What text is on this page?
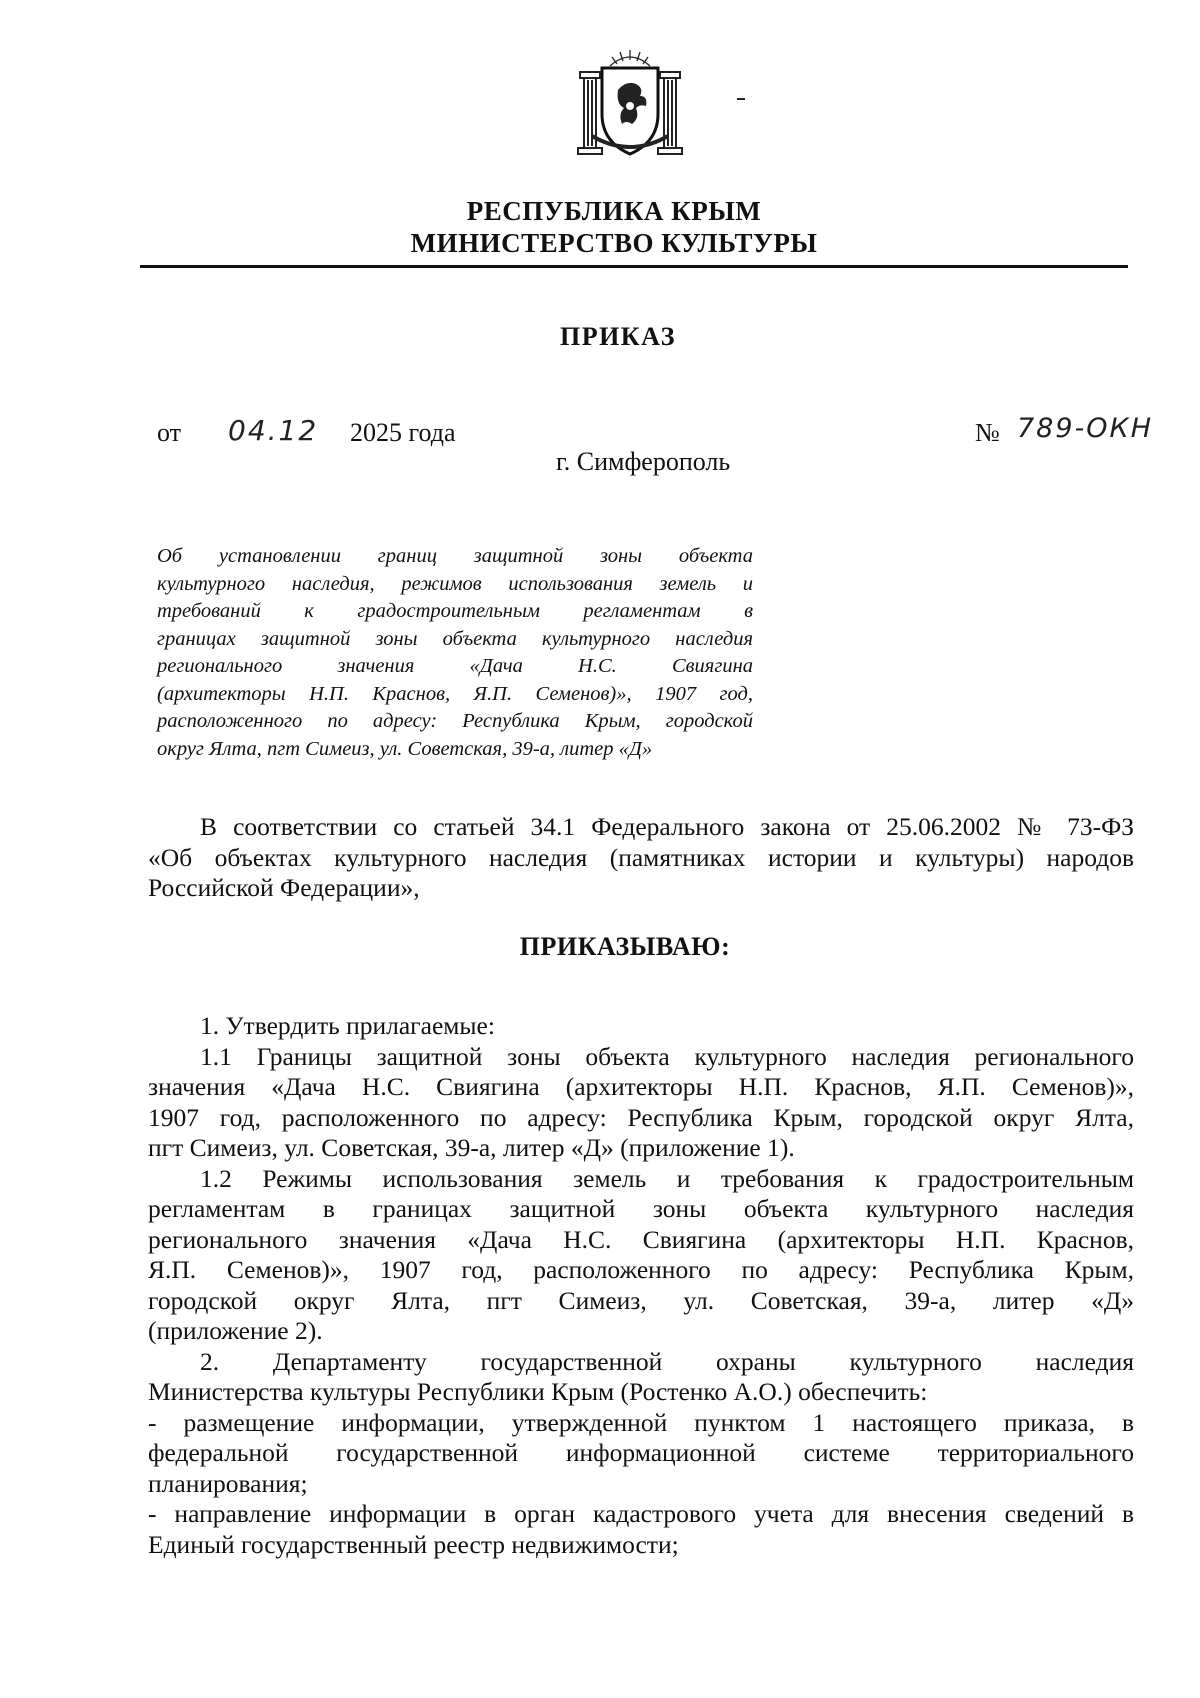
РЕСПУБЛИКА КРЫМ
МИНИСТЕРСТВО КУЛЬТУРЫ
ПРИКАЗ
от 04.12 2025 года	№ 789-ОКН
г. Симферополь
Об установлении границ защитной зоны объекта
культурного наследия, режимов использования земель и
требований к градостроительным регламентам в
границах защитной зоны объекта культурного наследия
регионального значения «Дача Н.С. Свиягина
(архитекторы Н.П. Краснов, Я.П. Семенов)», 1907 год,
расположенного по адресу: Республика Крым, городской
округ Ялта, пгт Симеиз, ул. Советская, 39-а, литер «Д»

В соответствии со статьей 34.1 Федерального закона от 25.06.2002 № 73-ФЗ

«Об объектах культурного наследия (памятниках истории и культуры) народов

Российской Федерации»,

ПРИКАЗЫВАЮ:

1. Утвердить прилагаемые:

1.1 Границы защитной зоны объекта культурного наследия регионального

значения «Дача Н.С. Свиягина (архитекторы Н.П. Краснов, Я.П. Семенов)»,

1907 год, расположенного по адресу: Республика Крым, городской округ Ялта,

пгт Симеиз, ул. Советская, 39-а, литер «Д» (приложение 1).

1.2 Режимы использования земель и требования к градостроительным

регламентам в границах защитной зоны объекта культурного наследия

регионального значения «Дача Н.С. Свиягина (архитекторы Н.П. Краснов,

Я.П. Семенов)», 1907 год, расположенного по адресу: Республика Крым,

городской округ Ялта, пгт Симеиз, ул. Советская, 39-а, литер «Д»

(приложение 2).

2. Департаменту государственной охраны культурного наследия

Министерства культуры Республики Крым (Ростенко А.О.) обеспечить:

- размещение информации, утвержденной пунктом 1 настоящего приказа, в

федеральной государственной информационной системе территориального

планирования;

- направление информации в орган кадастрового учета для внесения сведений в

Единый государственный реестр недвижимости;
